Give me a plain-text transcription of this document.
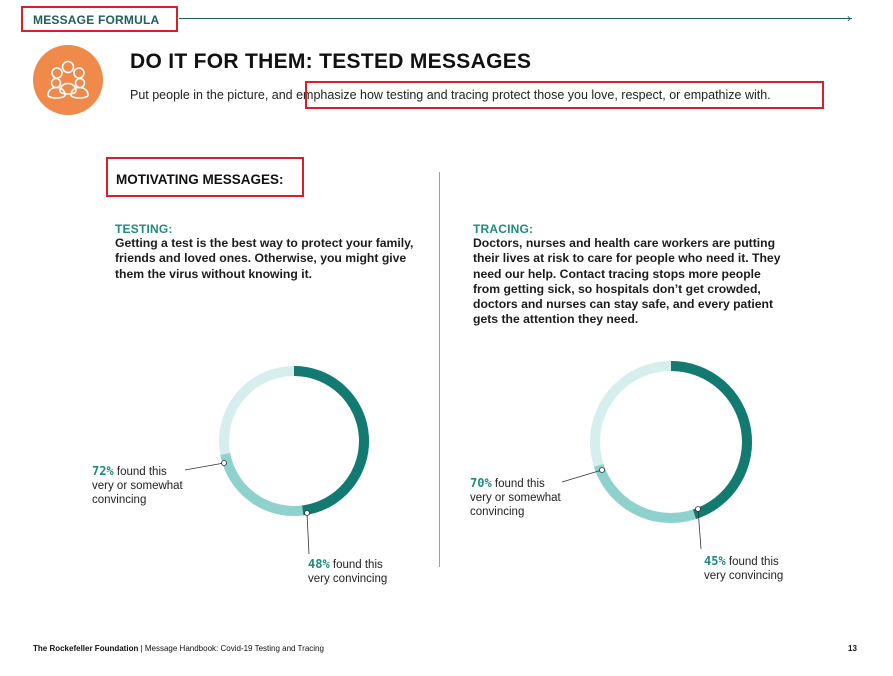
MESSAGE FORMULA	›
DO IT FOR THEM: TESTED MESSAGES
Put people in the picture, and emphasize how testing and tracing protect those you love, respect, or empathize with.
MOTIVATING MESSAGES:
TESTING:
Getting a test is the best way to protect your family, friends and loved ones. Otherwise, you might give them the virus without knowing it.
72% found this
very or somewhat
convincing
48% found this
very convincing
TRACING:
Doctors, nurses and health care workers are putting their lives at risk to care for people who need it. They need our help. Contact tracing stops more people from getting sick, so hospitals don’t get crowded, doctors and nurses can stay safe, and every patient gets the attention they need.
70% found this
very or somewhat
convincing
45% found this
very convincing
The Rockefeller Foundation | Message Handbook: Covid-19 Testing and Tracing	13
